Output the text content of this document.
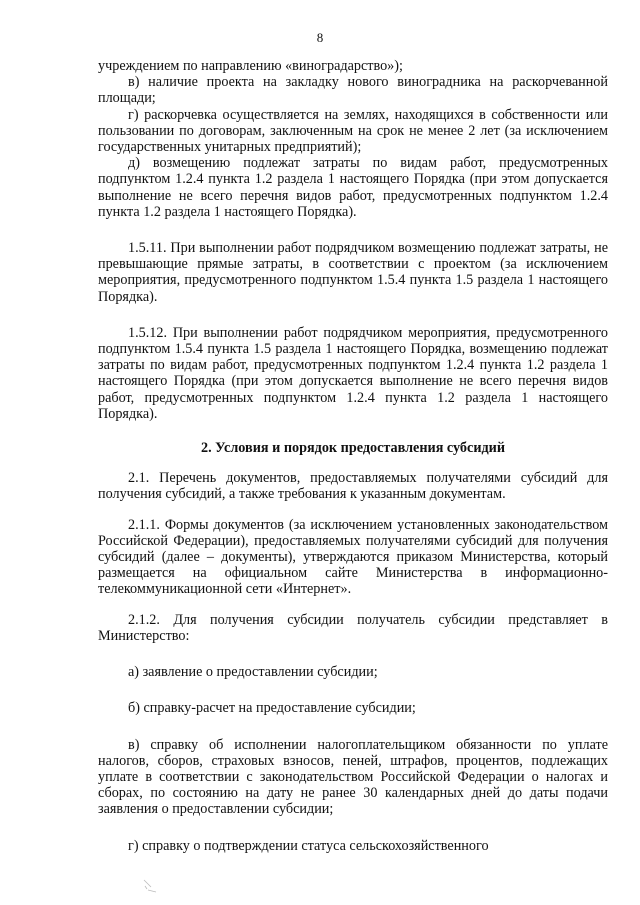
8

учреждением по направлению «виноградарство»);

в) наличие проекта на закладку нового виноградника на раскорчеванной площади;

г) раскорчевка осуществляется на землях, находящихся в собственности или пользовании по договорам, заключенным на срок не менее 2 лет (за исключением государственных унитарных предприятий);

д) возмещению подлежат затраты по видам работ, предусмотренных подпунктом 1.2.4 пункта 1.2 раздела 1 настоящего Порядка (при этом допускается выполнение не всего перечня видов работ, предусмотренных подпунктом 1.2.4 пункта 1.2 раздела 1 настоящего Порядка).

1.5.11. При выполнении работ подрядчиком возмещению подлежат затраты, не превышающие прямые затраты, в соответствии с проектом (за исключением мероприятия, предусмотренного подпунктом 1.5.4 пункта 1.5 раздела 1 настоящего Порядка).

1.5.12. При выполнении работ подрядчиком мероприятия, предусмотренного подпунктом 1.5.4 пункта 1.5 раздела 1 настоящего Порядка, возмещению подлежат затраты по видам работ, предусмотренных подпунктом 1.2.4 пункта 1.2 раздела 1 настоящего Порядка (при этом допускается выполнение не всего перечня видов работ, предусмотренных подпунктом 1.2.4 пункта 1.2 раздела 1 настоящего Порядка).

2. Условия и порядок предоставления субсидий

2.1. Перечень документов, предоставляемых получателями субсидий для получения субсидий, а также требования к указанным документам.

2.1.1. Формы документов (за исключением установленных законодательством Российской Федерации), предоставляемых получателями субсидий для получения субсидий (далее – документы), утверждаются приказом Министерства, который размещается на официальном сайте Министерства в информационно-телекоммуникационной сети «Интернет».

2.1.2. Для получения субсидии получатель субсидии представляет в Министерство:

а) заявление о предоставлении субсидии;

б) справку-расчет на предоставление субсидии;

в) справку об исполнении налогоплательщиком обязанности по уплате налогов, сборов, страховых взносов, пеней, штрафов, процентов, подлежащих уплате в соответствии с законодательством Российской Федерации о налогах и сборах, по состоянию на дату не ранее 30 календарных дней до даты подачи заявления о предоставлении субсидии;

г) справку о подтверждении статуса сельскохозяйственного
